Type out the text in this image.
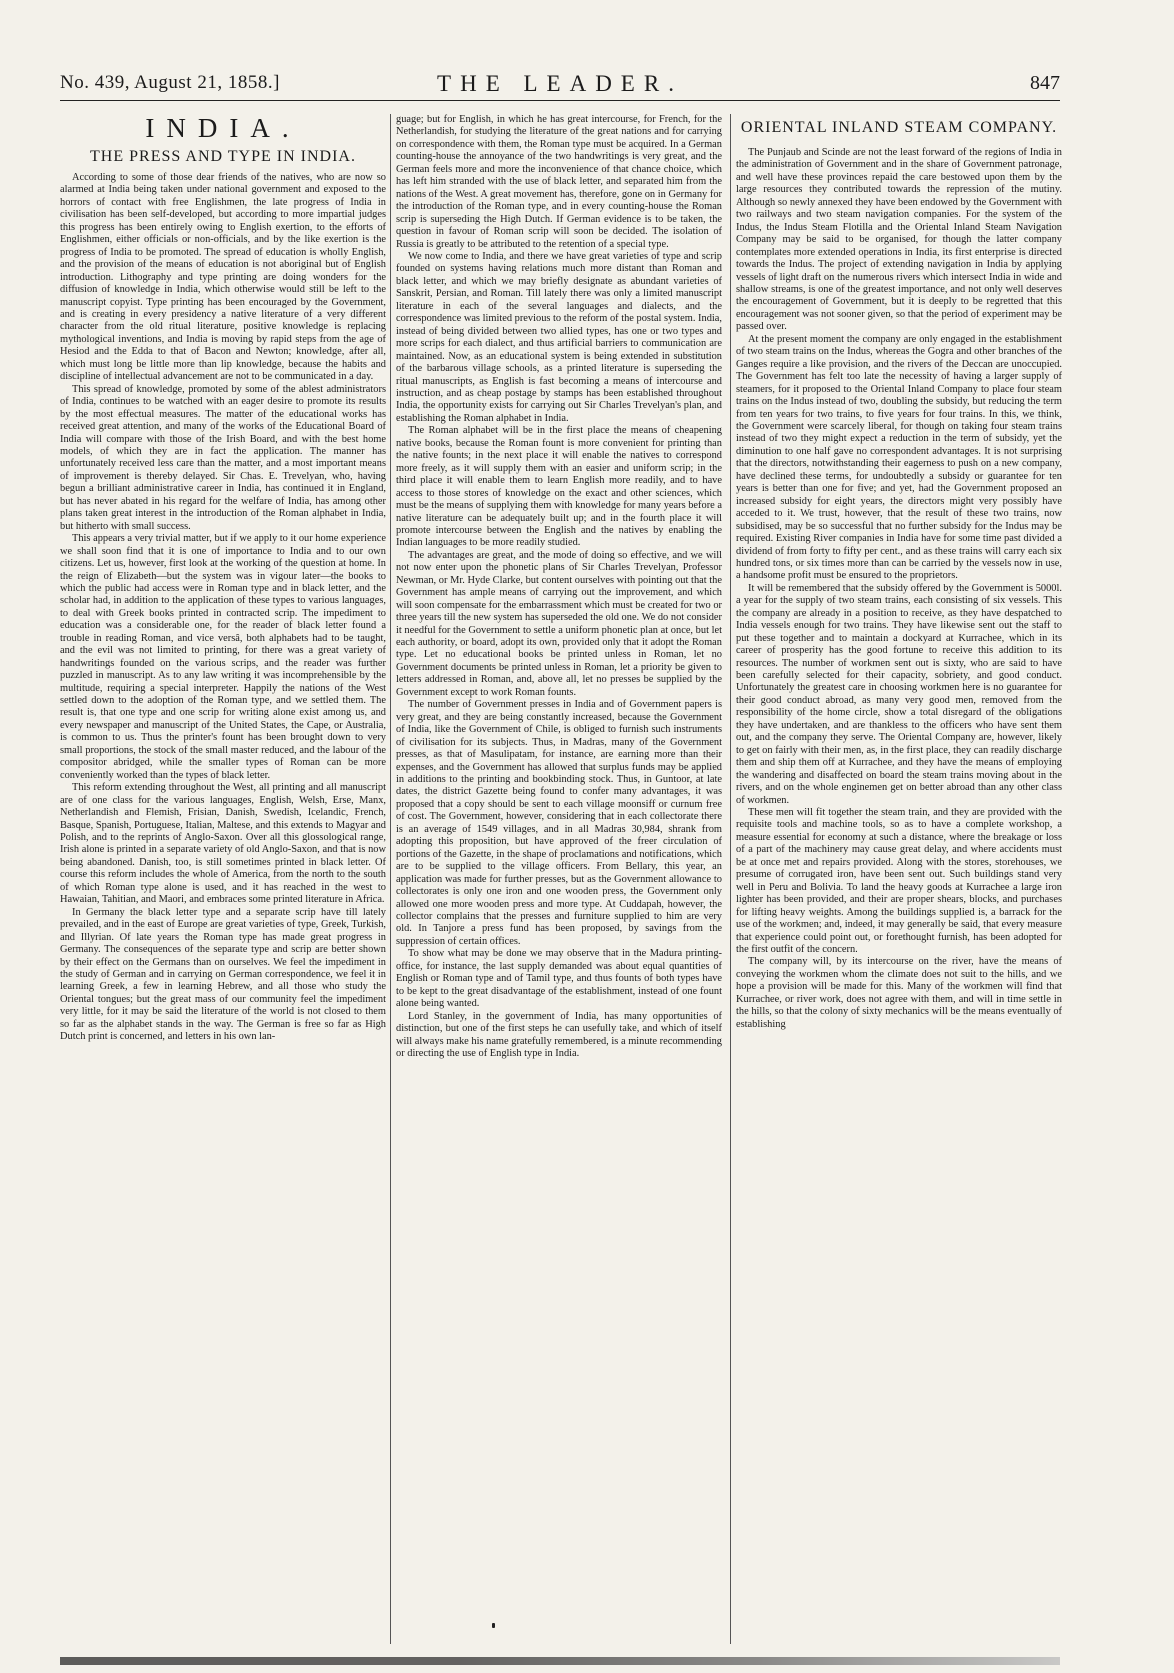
No. 439, August 21, 1858.]	THE LEADER.	847
INDIA.
THE PRESS AND TYPE IN INDIA.

According to some of those dear friends of the natives, who are now so alarmed at India being taken under national government and exposed to the horrors of contact with free Englishmen, the late progress of India in civilisation has been self-developed, but according to more impartial judges this progress has been entirely owing to English exertion, to the efforts of Englishmen, either officials or non-officials, and by the like exertion is the progress of India to be promoted. The spread of education is wholly English, and the provision of the means of education is not aboriginal but of English introduction. Lithography and type printing are doing wonders for the diffusion of knowledge in India, which otherwise would still be left to the manuscript copyist. Type printing has been encouraged by the Government, and is creating in every presidency a native literature of a very different character from the old ritual literature, positive knowledge is replacing mythological inventions, and India is moving by rapid steps from the age of Hesiod and the Edda to that of Bacon and Newton; knowledge, after all, which must long be little more than lip knowledge, because the habits and discipline of intellectual advancement are not to be communicated in a day.

This spread of knowledge, promoted by some of the ablest administrators of India, continues to be watched with an eager desire to promote its results by the most effectual measures. The matter of the educational works has received great attention, and many of the works of the Educational Board of India will compare with those of the Irish Board, and with the best home models, of which they are in fact the application. The manner has unfortunately received less care than the matter, and a most important means of improvement is thereby delayed. Sir Chas. E. Trevelyan, who, having begun a brilliant administrative career in India, has continued it in England, but has never abated in his regard for the welfare of India, has among other plans taken great interest in the introduction of the Roman alphabet in India, but hitherto with small success.

This appears a very trivial matter, but if we apply to it our home experience we shall soon find that it is one of importance to India and to our own citizens. Let us, however, first look at the working of the question at home. In the reign of Elizabeth—but the system was in vigour later—the books to which the public had access were in Roman type and in black letter, and the scholar had, in addition to the application of these types to various languages, to deal with Greek books printed in contracted scrip. The impediment to education was a considerable one, for the reader of black letter found a trouble in reading Roman, and vice versâ, both alphabets had to be taught, and the evil was not limited to printing, for there was a great variety of handwritings founded on the various scrips, and the reader was further puzzled in manuscript. As to any law writing it was incomprehensible by the multitude, requiring a special interpreter. Happily the nations of the West settled down to the adoption of the Roman type, and we settled them. The result is, that one type and one scrip for writing alone exist among us, and every newspaper and manuscript of the United States, the Cape, or Australia, is common to us. Thus the printer's fount has been brought down to very small proportions, the stock of the small master reduced, and the labour of the compositor abridged, while the smaller types of Roman can be more conveniently worked than the types of black letter.

This reform extending throughout the West, all printing and all manuscript are of one class for the various languages, English, Welsh, Erse, Manx, Netherlandish and Flemish, Frisian, Danish, Swedish, Icelandic, French, Basque, Spanish, Portuguese, Italian, Maltese, and this extends to Magyar and Polish, and to the reprints of Anglo-Saxon. Over all this glossological range, Irish alone is printed in a separate variety of old Anglo-Saxon, and that is now being abandoned. Danish, too, is still sometimes printed in black letter. Of course this reform includes the whole of America, from the north to the south of which Roman type alone is used, and it has reached in the west to Hawaian, Tahitian, and Maori, and embraces some printed literature in Africa.

In Germany the black letter type and a separate scrip have till lately prevailed, and in the east of Europe are great varieties of type, Greek, Turkish, and Illyrian. Of late years the Roman type has made great progress in Germany. The consequences of the separate type and scrip are better shown by their effect on the Germans than on ourselves. We feel the impediment in the study of German and in carrying on German correspondence, we feel it in learning Greek, a few in learning Hebrew, and all those who study the Oriental tongues; but the great mass of our community feel the impediment very little, for it may be said the literature of the world is not closed to them so far as the alphabet stands in the way. The German is free so far as High Dutch print is concerned, and letters in his own lan-

guage; but for English, in which he has great intercourse, for French, for the Netherlandish, for studying the literature of the great nations and for carrying on correspondence with them, the Roman type must be acquired. In a German counting-house the annoyance of the two handwritings is very great, and the German feels more and more the inconvenience of that chance choice, which has left him stranded with the use of black letter, and separated him from the nations of the West. A great movement has, therefore, gone on in Germany for the introduction of the Roman type, and in every counting-house the Roman scrip is superseding the High Dutch. If German evidence is to be taken, the question in favour of Roman scrip will soon be decided. The isolation of Russia is greatly to be attributed to the retention of a special type.

We now come to India, and there we have great varieties of type and scrip founded on systems having relations much more distant than Roman and black letter, and which we may briefly designate as abundant varieties of Sanskrit, Persian, and Roman. Till lately there was only a limited manuscript literature in each of the several languages and dialects, and the correspondence was limited previous to the reform of the postal system. India, instead of being divided between two allied types, has one or two types and more scrips for each dialect, and thus artificial barriers to communication are maintained. Now, as an educational system is being extended in substitution of the barbarous village schools, as a printed literature is superseding the ritual manuscripts, as English is fast becoming a means of intercourse and instruction, and as cheap postage by stamps has been established throughout India, the opportunity exists for carrying out Sir Charles Trevelyan's plan, and establishing the Roman alphabet in India.

The Roman alphabet will be in the first place the means of cheapening native books, because the Roman fount is more convenient for printing than the native founts; in the next place it will enable the natives to correspond more freely, as it will supply them with an easier and uniform scrip; in the third place it will enable them to learn English more readily, and to have access to those stores of knowledge on the exact and other sciences, which must be the means of supplying them with knowledge for many years before a native literature can be adequately built up; and in the fourth place it will promote intercourse between the English and the natives by enabling the Indian languages to be more readily studied.

The advantages are great, and the mode of doing so effective, and we will not now enter upon the phonetic plans of Sir Charles Trevelyan, Professor Newman, or Mr. Hyde Clarke, but content ourselves with pointing out that the Government has ample means of carrying out the improvement, and which will soon compensate for the embarrassment which must be created for two or three years till the new system has superseded the old one. We do not consider it needful for the Government to settle a uniform phonetic plan at once, but let each authority, or board, adopt its own, provided only that it adopt the Roman type. Let no educational books be printed unless in Roman, let no Government documents be printed unless in Roman, let a priority be given to letters addressed in Roman, and, above all, let no presses be supplied by the Government except to work Roman founts.

The number of Government presses in India and of Government papers is very great, and they are being constantly increased, because the Government of India, like the Government of Chile, is obliged to furnish such instruments of civilisation for its subjects. Thus, in Madras, many of the Government presses, as that of Masulipatam, for instance, are earning more than their expenses, and the Government has allowed that surplus funds may be applied in additions to the printing and bookbinding stock. Thus, in Guntoor, at late dates, the district Gazette being found to confer many advantages, it was proposed that a copy should be sent to each village moonsiff or curnum free of cost. The Government, however, considering that in each collectorate there is an average of 1549 villages, and in all Madras 30,984, shrank from adopting this proposition, but have approved of the freer circulation of portions of the Gazette, in the shape of proclamations and notifications, which are to be supplied to the village officers. From Bellary, this year, an application was made for further presses, but as the Government allowance to collectorates is only one iron and one wooden press, the Government only allowed one more wooden press and more type. At Cuddapah, however, the collector complains that the presses and furniture supplied to him are very old. In Tanjore a press fund has been proposed, by savings from the suppression of certain offices.

To show what may be done we may observe that in the Madura printing-office, for instance, the last supply demanded was about equal quantities of English or Roman type and of Tamil type, and thus founts of both types have to be kept to the great disadvantage of the establishment, instead of one fount alone being wanted.

Lord Stanley, in the government of India, has many opportunities of distinction, but one of the first steps he can usefully take, and which of itself will always make his name gratefully remembered, is a minute recommending or directing the use of English type in India.

ORIENTAL INLAND STEAM COMPANY.

The Punjaub and Scinde are not the least forward of the regions of India in the administration of Government and in the share of Government patronage, and well have these provinces repaid the care bestowed upon them by the large resources they contributed towards the repression of the mutiny. Although so newly annexed they have been endowed by the Government with two railways and two steam navigation companies. For the system of the Indus, the Indus Steam Flotilla and the Oriental Inland Steam Navigation Company may be said to be organised, for though the latter company contemplates more extended operations in India, its first enterprise is directed towards the Indus. The project of extending navigation in India by applying vessels of light draft on the numerous rivers which intersect India in wide and shallow streams, is one of the greatest importance, and not only well deserves the encouragement of Government, but it is deeply to be regretted that this encouragement was not sooner given, so that the period of experiment may be passed over.

At the present moment the company are only engaged in the establishment of two steam trains on the Indus, whereas the Gogra and other branches of the Ganges require a like provision, and the rivers of the Deccan are unoccupied. The Government has felt too late the necessity of having a larger supply of steamers, for it proposed to the Oriental Inland Company to place four steam trains on the Indus instead of two, doubling the subsidy, but reducing the term from ten years for two trains, to five years for four trains. In this, we think, the Government were scarcely liberal, for though on taking four steam trains instead of two they might expect a reduction in the term of subsidy, yet the diminution to one half gave no correspondent advantages. It is not surprising that the directors, notwithstanding their eagerness to push on a new company, have declined these terms, for undoubtedly a subsidy or guarantee for ten years is better than one for five; and yet, had the Government proposed an increased subsidy for eight years, the directors might very possibly have acceded to it. We trust, however, that the result of these two trains, now subsidised, may be so successful that no further subsidy for the Indus may be required. Existing River companies in India have for some time past divided a dividend of from forty to fifty per cent., and as these trains will carry each six hundred tons, or six times more than can be carried by the vessels now in use, a handsome profit must be ensured to the proprietors.

It will be remembered that the subsidy offered by the Government is 5000l. a year for the supply of two steam trains, each consisting of six vessels. This the company are already in a position to receive, as they have despatched to India vessels enough for two trains. They have likewise sent out the staff to put these together and to maintain a dockyard at Kurrachee, which in its career of prosperity has the good fortune to receive this addition to its resources. The number of workmen sent out is sixty, who are said to have been carefully selected for their capacity, sobriety, and good conduct. Unfortunately the greatest care in choosing workmen here is no guarantee for their good conduct abroad, as many very good men, removed from the responsibility of the home circle, show a total disregard of the obligations they have undertaken, and are thankless to the officers who have sent them out, and the company they serve. The Oriental Company are, however, likely to get on fairly with their men, as, in the first place, they can readily discharge them and ship them off at Kurrachee, and they have the means of employing the wandering and disaffected on board the steam trains moving about in the rivers, and on the whole enginemen get on better abroad than any other class of workmen.

These men will fit together the steam train, and they are provided with the requisite tools and machine tools, so as to have a complete workshop, a measure essential for economy at such a distance, where the breakage or loss of a part of the machinery may cause great delay, and where accidents must be at once met and repairs provided. Along with the stores, storehouses, we presume of corrugated iron, have been sent out. Such buildings stand very well in Peru and Bolivia. To land the heavy goods at Kurrachee a large iron lighter has been provided, and their are proper shears, blocks, and purchases for lifting heavy weights. Among the buildings supplied is, a barrack for the use of the workmen; and, indeed, it may generally be said, that every measure that experience could point out, or forethought furnish, has been adopted for the first outfit of the concern.

The company will, by its intercourse on the river, have the means of conveying the workmen whom the climate does not suit to the hills, and we hope a provision will be made for this. Many of the workmen will find that Kurrachee, or river work, does not agree with them, and will in time settle in the hills, so that the colony of sixty mechanics will be the means eventually of establishing
